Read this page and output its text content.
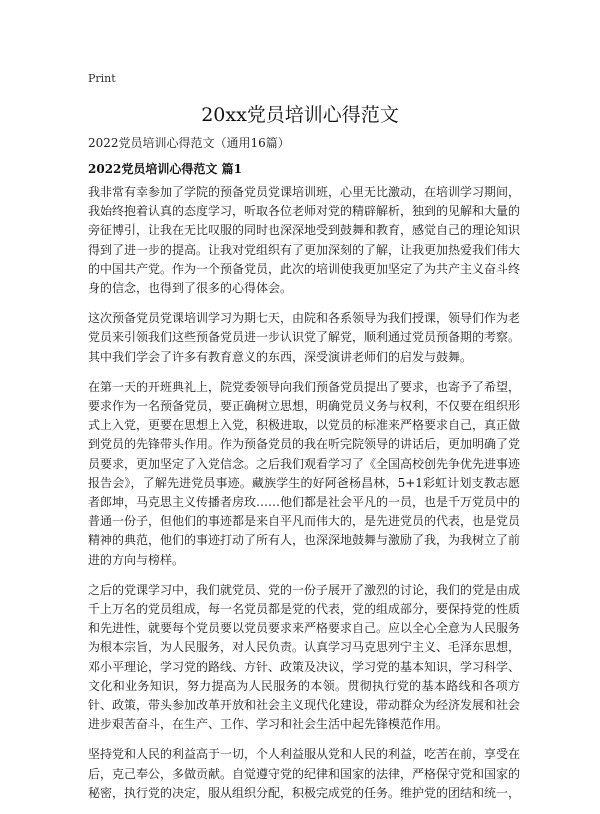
Print
20xx党员培训心得范文
2022党员培训心得范文（通用16篇）
2022党员培训心得范文 篇1

我非常有幸参加了学院的预备党员党课培训班，心里无比激动，在培训学习期间，我始终抱着认真的态度学习，听取各位老师对党的精辟解析，独到的见解和大量的旁征博引，让我在无比叹服的同时也深深地受到鼓舞和教育，感觉自己的理论知识得到了进一步的提高。让我对党组织有了更加深刻的了解，让我更加热爱我们伟大的中国共产党。作为一个预备党员，此次的培训使我更加坚定了为共产主义奋斗终身的信念，也得到了很多的心得体会。

这次预备党员党课培训学习为期七天，由院和各系领导为我们授课，领导们作为老党员来引领我们这些预备党员进一步认识党了解党，顺利通过党员预备期的考察。其中我们学会了许多有教育意义的东西，深受演讲老师们的启发与鼓舞。

在第一天的开班典礼上，院党委领导向我们预备党员提出了要求，也寄予了希望，要求作为一名预备党员，要正确树立思想，明确党员义务与权利，不仅要在组织形式上入党，更要在思想上入党，积极进取，以党员的标准来严格要求自己，真正做到党员的先锋带头作用。作为预备党员的我在听完院领导的讲话后，更加明确了党员要求，更加坚定了入党信念。之后我们观看学习了《全国高校创先争优先进事迹报告会》，了解先进党员事迹。藏族学生的好阿爸杨昌林，5+1彩虹计划支教志愿者郎坤，马克思主义传播者房玫……他们都是社会平凡的一员，也是千万党员中的普通一份子，但他们的事迹都是来自平凡而伟大的，是先进党员的代表，也是党员精神的典范，他们的事迹打动了所有人，也深深地鼓舞与激励了我，为我树立了前进的方向与榜样。

之后的党课学习中，我们就党员、党的一份子展开了激烈的讨论，我们的党是由成千上万名的党员组成，每一名党员都是党的代表，党的组成部分，要保持党的性质和先进性，就要每个党员要以党员要求来严格要求自己。应以全心全意为人民服务为根本宗旨，为人民服务，对人民负责。认真学习马克思列宁主义、毛泽东思想，邓小平理论，学习党的路线、方针、政策及决议，学习党的基本知识，学习科学、文化和业务知识，努力提高为人民服务的本领。贯彻执行党的基本路线和各项方针、政策，带头参加改革开放和社会主义现代化建设，带动群众为经济发展和社会进步艰苦奋斗，在生产、工作、学习和社会生活中起先锋模范作用。

坚持党和人民的利益高于一切，个人利益服从党和人民的利益，吃苦在前，享受在后，克己奉公，多做贡献。自觉遵守党的纪律和国家的法律，严格保守党和国家的秘密，执行党的决定，服从组织分配，积极完成党的任务。维护党的团结和统一，
